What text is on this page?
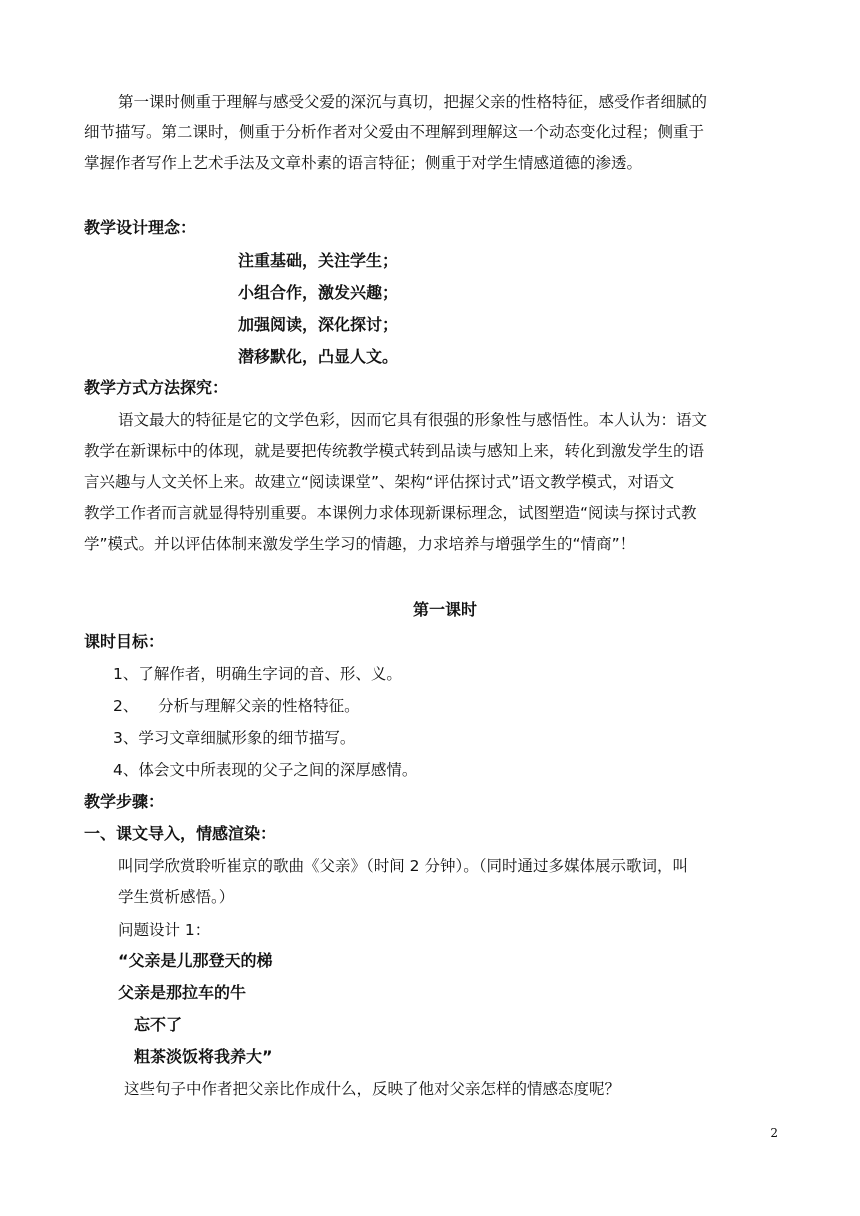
第一课时侧重于理解与感受父爱的深沉与真切，把握父亲的性格特征，感受作者细腻的
细节描写。第二课时，侧重于分析作者对父爱由不理解到理解这一个动态变化过程；侧重于
掌握作者写作上艺术手法及文章朴素的语言特征；侧重于对学生情感道德的渗透。
教学设计理念：
注重基础，关注学生；
小组合作，激发兴趣；
加强阅读，深化探讨；
潜移默化，凸显人文。
教学方式方法探究：
语文最大的特征是它的文学色彩，因而它具有很强的形象性与感悟性。本人认为：语文
教学在新课标中的体现，就是要把传统教学模式转到品读与感知上来，转化到激发学生的语
言兴趣与人文关怀上来。故建立“阅读课堂”、架构“评估探讨式”语文教学模式，对语文
教学工作者而言就显得特别重要。本课例力求体现新课标理念，试图塑造“阅读与探讨式教
学”模式。并以评估体制来激发学生学习的情趣，力求培养与增强学生的“情商”！
第一课时
课时目标：
1、了解作者，明确生字词的音、形、义。
2、    分析与理解父亲的性格特征。
3、学习文章细腻形象的细节描写。
4、体会文中所表现的父子之间的深厚感情。
教学步骤：
一、课文导入，情感渲染：
叫同学欣赏聆听崔京的歌曲《父亲》（时间 2 分钟）。（同时通过多媒体展示歌词，叫
学生赏析感悟。）
问题设计 1：
“父亲是儿那登天的梯
父亲是那拉车的牛
忘不了
粗茶淡饭将我养大”
这些句子中作者把父亲比作成什么，反映了他对父亲怎样的情感态度呢？
2
